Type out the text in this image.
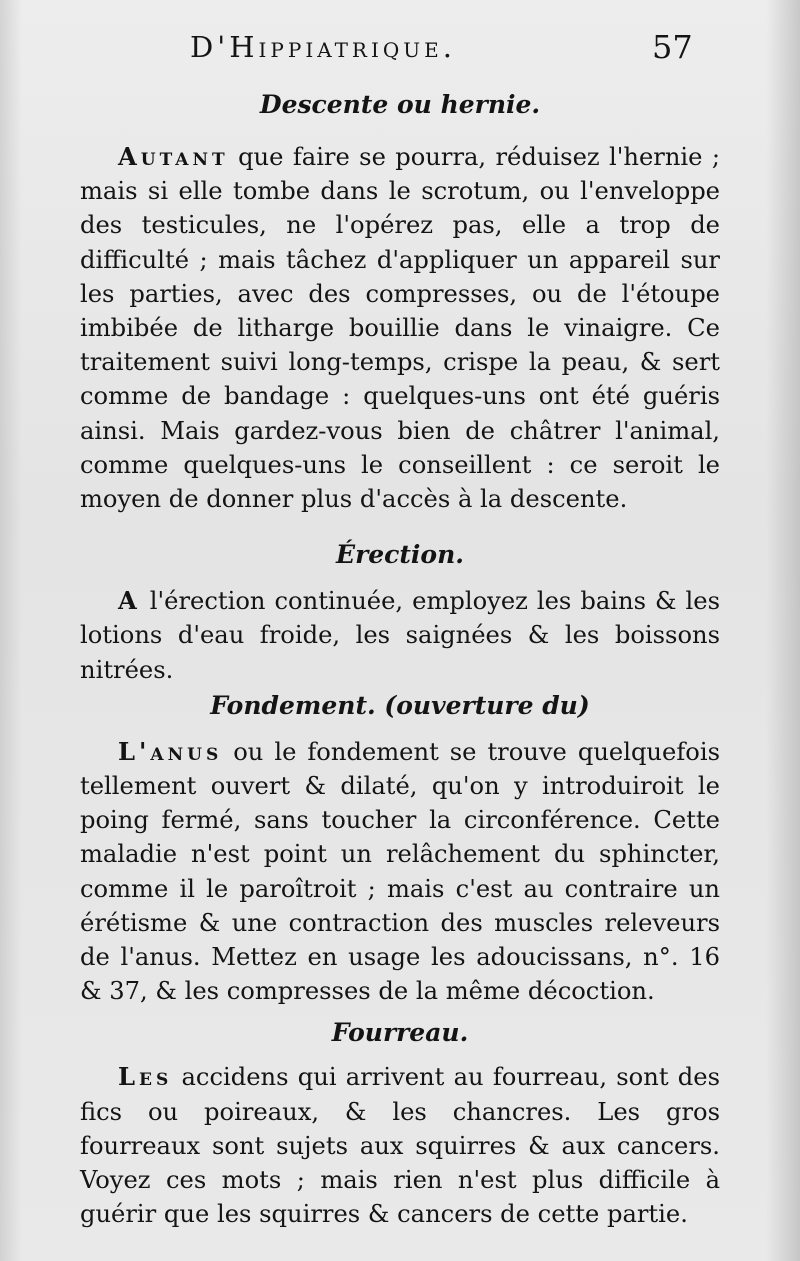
D'Hippiatrique.	57
Descente ou hernie.

Autant que faire se pourra, réduisez l'hernie ; mais si elle tombe dans le scrotum, ou l'enveloppe des testicules, ne l'opérez pas, elle a trop de difficulté ; mais tâchez d'appliquer un appareil sur les parties, avec des compresses, ou de l'étoupe imbibée de litharge bouillie dans le vinaigre. Ce traitement suivi long-temps, crispe la peau, & sert comme de bandage : quelques-uns ont été guéris ainsi. Mais gardez-vous bien de châtrer l'animal, comme quelques-uns le conseillent : ce seroit le moyen de donner plus d'accès à la descente.

Érection.

A l'érection continuée, employez les bains & les lotions d'eau froide, les saignées & les boissons nitrées.

Fondement. (ouverture du)

L'anus ou le fondement se trouve quelquefois tellement ouvert & dilaté, qu'on y introduiroit le poing fermé, sans toucher la circonférence. Cette maladie n'est point un relâchement du sphincter, comme il le paroîtroit ; mais c'est au contraire un érétisme & une contraction des muscles releveurs de l'anus. Mettez en usage les adoucissans, n°. 16 & 37, & les compresses de la même décoction.

Fourreau.

Les accidens qui arrivent au fourreau, sont des fics ou poireaux, & les chancres. Les gros fourreaux sont sujets aux squirres & aux cancers. Voyez ces mots ; mais rien n'est plus difficile à guérir que les squirres & cancers de cette partie.
